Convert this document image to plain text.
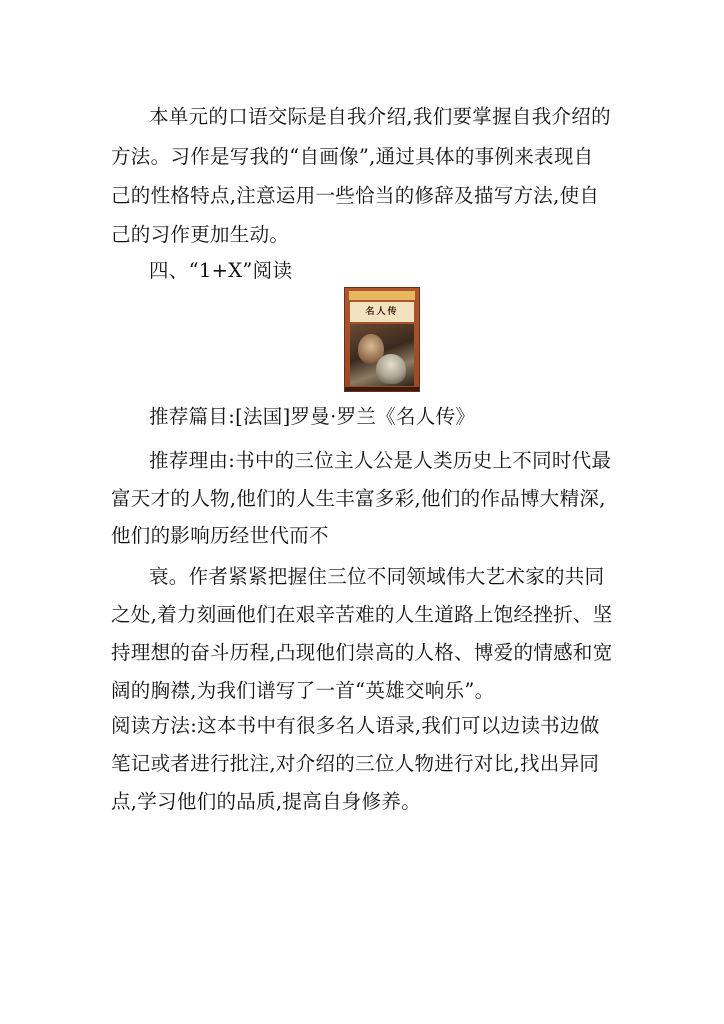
本单元的口语交际是自我介绍,我们要掌握自我介绍的
方法。习作是写我的“自画像”,通过具体的事例来表现自
己的性格特点,注意运用一些恰当的修辞及描写方法,使自
己的习作更加生动。
四、“1+X”阅读
名人传
推荐篇目:[法国]罗曼·罗兰《名人传》
推荐理由:书中的三位主人公是人类历史上不同时代最
富天才的人物,他们的人生丰富多彩,他们的作品博大精深,
他们的影响历经世代而不
衰。作者紧紧把握住三位不同领域伟大艺术家的共同
之处,着力刻画他们在艰辛苦难的人生道路上饱经挫折、坚
持理想的奋斗历程,凸现他们崇高的人格、博爱的情感和宽
阔的胸襟,为我们谱写了一首“英雄交响乐”。
阅读方法:这本书中有很多名人语录,我们可以边读书边做
笔记或者进行批注,对介绍的三位人物进行对比,找出异同
点,学习他们的品质,提高自身修养。
